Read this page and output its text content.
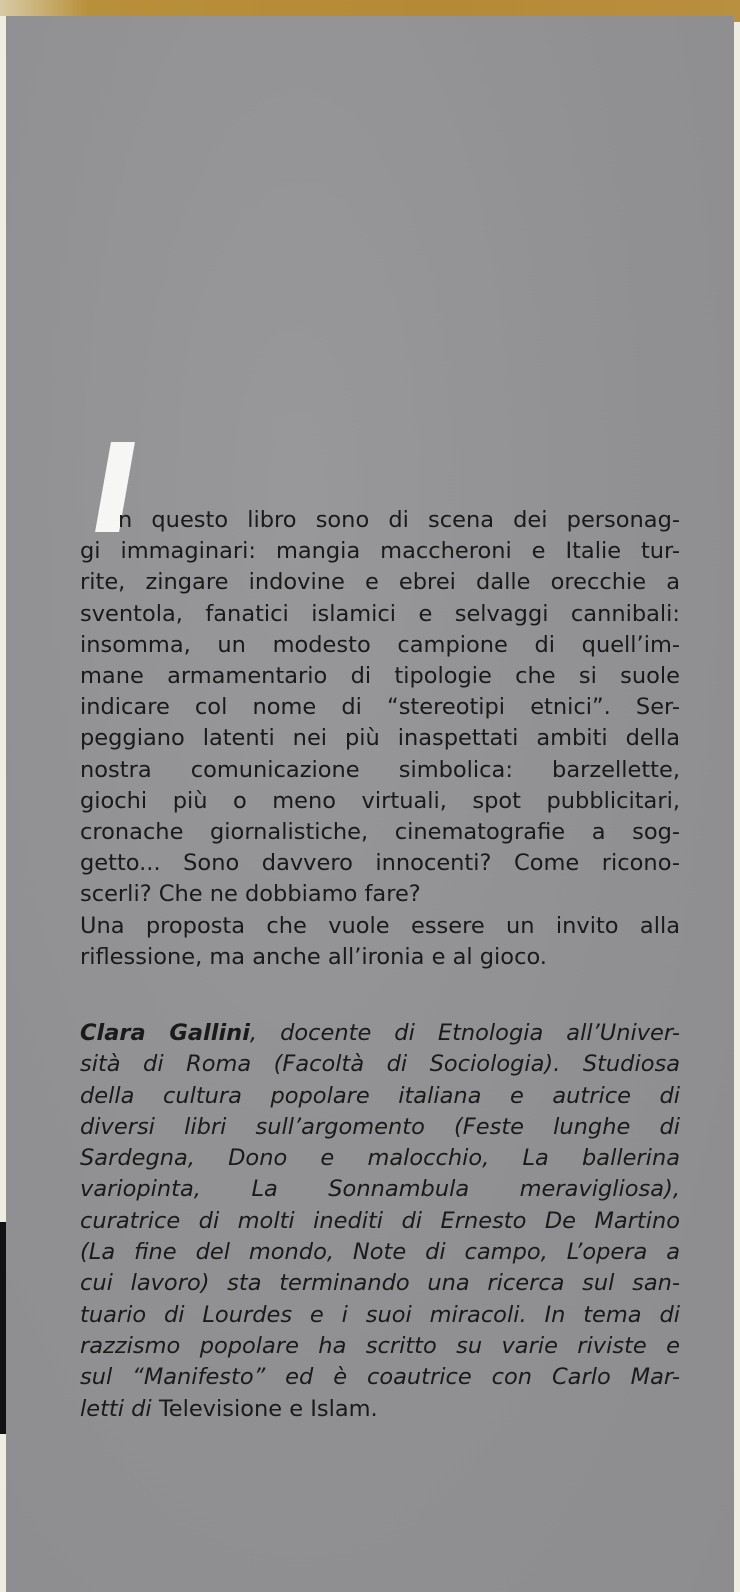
n questo libro sono di scena dei personag-
gi immaginari: mangia maccheroni e Italie tur-
rite, zingare indovine e ebrei dalle orecchie a
sventola, fanatici islamici e selvaggi cannibali:
insomma, un modesto campione di quell’im-
mane armamentario di tipologie che si suole
indicare col nome di “stereotipi etnici”. Ser-
peggiano latenti nei più inaspettati ambiti della
nostra comunicazione simbolica: barzellette,
giochi più o meno virtuali, spot pubblicitari,
cronache giornalistiche, cinematografie a sog-
getto... Sono davvero innocenti? Come ricono-
scerli? Che ne dobbiamo fare?
Una proposta che vuole essere un invito alla
riflessione, ma anche all’ironia e al gioco.
Clara Gallini, docente di Etnologia all’Univer-
sità di Roma (Facoltà di Sociologia). Studiosa
della cultura popolare italiana e autrice di
diversi libri sull’argomento (Feste lunghe di
Sardegna, Dono e malocchio, La ballerina
variopinta, La Sonnambula meravigliosa),
curatrice di molti inediti di Ernesto De Martino
(La fine del mondo, Note di campo, L’opera a
cui lavoro) sta terminando una ricerca sul san-
tuario di Lourdes e i suoi miracoli. In tema di
razzismo popolare ha scritto su varie riviste e
sul “Manifesto” ed è coautrice con Carlo Mar-
letti di Televisione e Islam.
